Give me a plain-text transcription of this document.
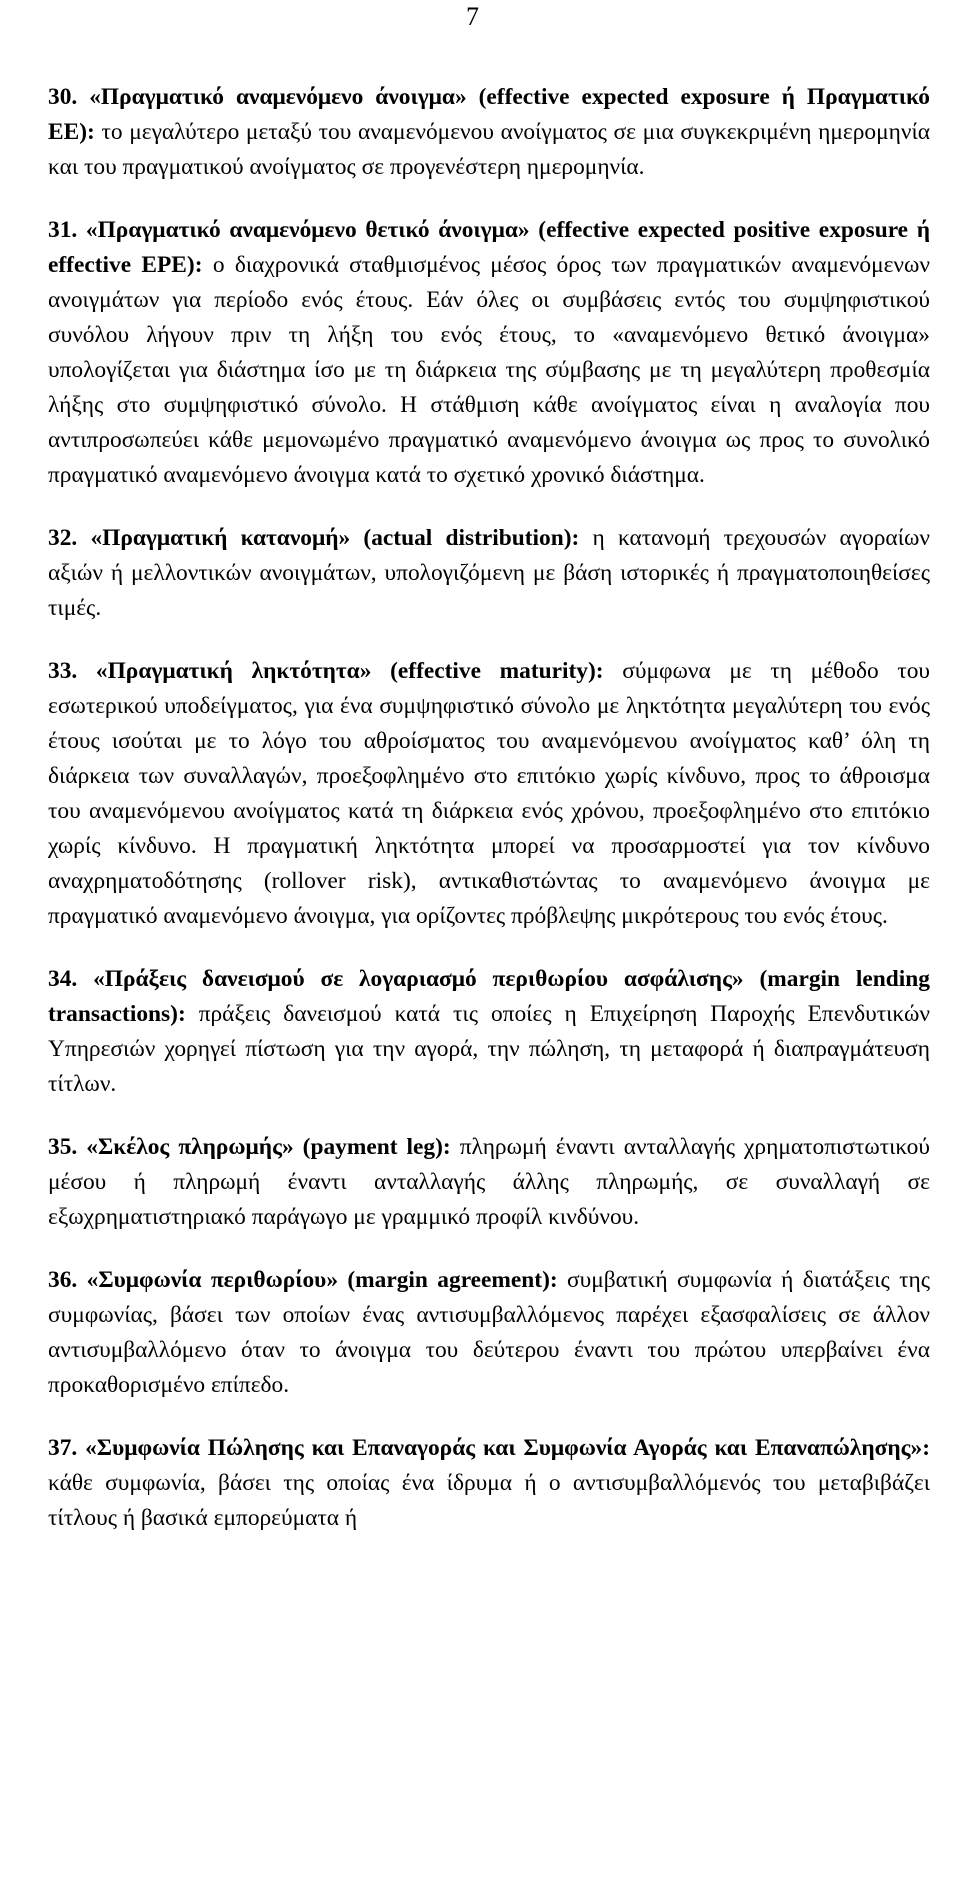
7

30. «Πραγματικό αναμενόμενο άνοιγμα» (effective expected exposure ή Πραγματικό ΕΕ): το μεγαλύτερο μεταξύ του αναμενόμενου ανοίγματος σε μια συγκεκριμένη ημερομηνία και του πραγματικού ανοίγματος σε προγενέστερη ημερομηνία.

31. «Πραγματικό αναμενόμενο θετικό άνοιγμα» (effective expected positive exposure ή effective EPE): ο διαχρονικά σταθμισμένος μέσος όρος των πραγματικών αναμενόμενων ανοιγμάτων για περίοδο ενός έτους. Εάν όλες οι συμβάσεις εντός του συμψηφιστικού συνόλου λήγουν πριν τη λήξη του ενός έτους, το «αναμενόμενο θετικό άνοιγμα» υπολογίζεται για διάστημα ίσο με τη διάρκεια της σύμβασης με τη μεγαλύτερη προθεσμία λήξης στο συμψηφιστικό σύνολο. Η στάθμιση κάθε ανοίγματος είναι η αναλογία που αντιπροσωπεύει κάθε μεμονωμένο πραγματικό αναμενόμενο άνοιγμα ως προς το συνολικό πραγματικό αναμενόμενο άνοιγμα κατά το σχετικό χρονικό διάστημα.

32. «Πραγματική κατανομή» (actual distribution): η κατανομή τρεχουσών αγοραίων αξιών ή μελλοντικών ανοιγμάτων, υπολογιζόμενη με βάση ιστορικές ή πραγματοποιηθείσες τιμές.

33. «Πραγματική ληκτότητα» (effective maturity): σύμφωνα με τη μέθοδο του εσωτερικού υποδείγματος, για ένα συμψηφιστικό σύνολο με ληκτότητα μεγαλύτερη του ενός έτους ισούται με το λόγο του αθροίσματος του αναμενόμενου ανοίγματος καθ’ όλη τη διάρκεια των συναλλαγών, προεξοφλημένο στο επιτόκιο χωρίς κίνδυνο, προς το άθροισμα του αναμενόμενου ανοίγματος κατά τη διάρκεια ενός χρόνου, προεξοφλημένο στο επιτόκιο χωρίς κίνδυνο. Η πραγματική ληκτότητα μπορεί να προσαρμοστεί για τον κίνδυνο αναχρηματοδότησης (rollover risk), αντικαθιστώντας το αναμενόμενο άνοιγμα με πραγματικό αναμενόμενο άνοιγμα, για ορίζοντες πρόβλεψης μικρότερους του ενός έτους.

34. «Πράξεις δανεισμού σε λογαριασμό περιθωρίου ασφάλισης» (margin lending transactions): πράξεις δανεισμού κατά τις οποίες η Επιχείρηση Παροχής Επενδυτικών Υπηρεσιών χορηγεί πίστωση για την αγορά, την πώληση, τη μεταφορά ή διαπραγμάτευση τίτλων.

35. «Σκέλος πληρωμής» (payment leg): πληρωμή έναντι ανταλλαγής χρηματοπιστωτικού μέσου ή πληρωμή έναντι ανταλλαγής άλλης πληρωμής, σε συναλλαγή σε εξωχρηματιστηριακό παράγωγο με γραμμικό προφίλ κινδύνου.

36. «Συμφωνία περιθωρίου» (margin agreement): συμβατική συμφωνία ή διατάξεις της συμφωνίας, βάσει των οποίων ένας αντισυμβαλλόμενος παρέχει εξασφαλίσεις σε άλλον αντισυμβαλλόμενο όταν το άνοιγμα του δεύτερου έναντι του πρώτου υπερβαίνει ένα προκαθορισμένο επίπεδο.

37. «Συμφωνία Πώλησης και Επαναγοράς και Συμφωνία Αγοράς και Επαναπώλησης»: κάθε συμφωνία, βάσει της οποίας ένα ίδρυμα ή ο αντισυμβαλλόμενός του μεταβιβάζει τίτλους ή βασικά εμπορεύματα ή
